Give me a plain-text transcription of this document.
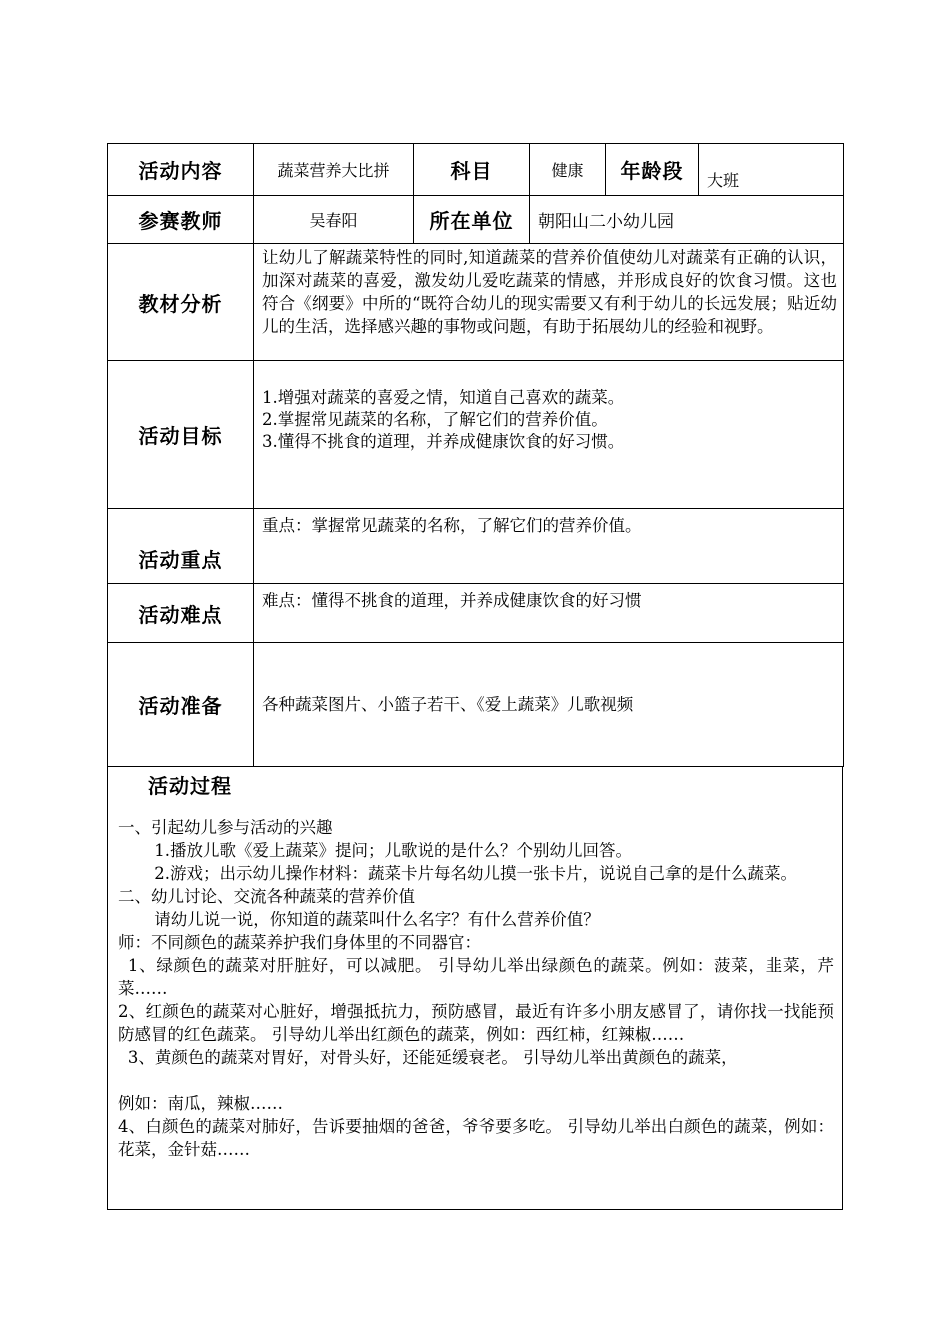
活动内容	蔬菜营养大比拼	科目	健康	年龄段	大班
参赛教师	吴春阳	所在单位	朝阳山二小幼儿园		
教材分析	让幼儿了解蔬菜特性的同时,知道蔬菜的营养价值使幼儿对蔬菜有正确的认识，加深对蔬菜的喜爱，激发幼儿爱吃蔬菜的情感，并形成良好的饮食习惯。这也符合《纲要》中所的“既符合幼儿的现实需要又有利于幼儿的长远发展；贴近幼儿的生活，选择感兴趣的事物或问题，有助于拓展幼儿的经验和视野。				

活动目标	1.增强对蔬菜的喜爱之情，知道自己喜欢的蔬菜。
2.掌握常见蔬菜的名称，了解它们的营养价值。
3.懂得不挑食的道理，并养成健康饮食的好习惯。				

活动重点	重点：掌握常见蔬菜的名称，了解它们的营养价值。				

活动难点	难点：懂得不挑食的道理，并养成健康饮食的好习惯				

活动准备	各种蔬菜图片、小篮子若干、《爱上蔬菜》儿歌视频				
活动过程

一、引起幼儿参与活动的兴趣

1.播放儿歌《爱上蔬菜》提问；儿歌说的是什么？个别幼儿回答。

2.游戏；出示幼儿操作材料：蔬菜卡片每名幼儿摸一张卡片，说说自己拿的是什么蔬菜。

二、幼儿讨论、交流各种蔬菜的营养价值

请幼儿说一说，你知道的蔬菜叫什么名字？有什么营养价值？

师：不同颜色的蔬菜养护我们身体里的不同器官：

1、绿颜色的蔬菜对肝脏好，可以减肥。 引导幼儿举出绿颜色的蔬菜。例如：菠菜，韭菜，芹菜……

2、红颜色的蔬菜对心脏好，增强抵抗力，预防感冒，最近有许多小朋友感冒了，请你找一找能预防感冒的红色蔬菜。 引导幼儿举出红颜色的蔬菜，例如：西红柿，红辣椒……

3、黄颜色的蔬菜对胃好，对骨头好，还能延缓衰老。 引导幼儿举出黄颜色的蔬菜，

例如：南瓜，辣椒……

4、白颜色的蔬菜对肺好，告诉要抽烟的爸爸，爷爷要多吃。 引导幼儿举出白颜色的蔬菜，例如：花菜，金针菇……
